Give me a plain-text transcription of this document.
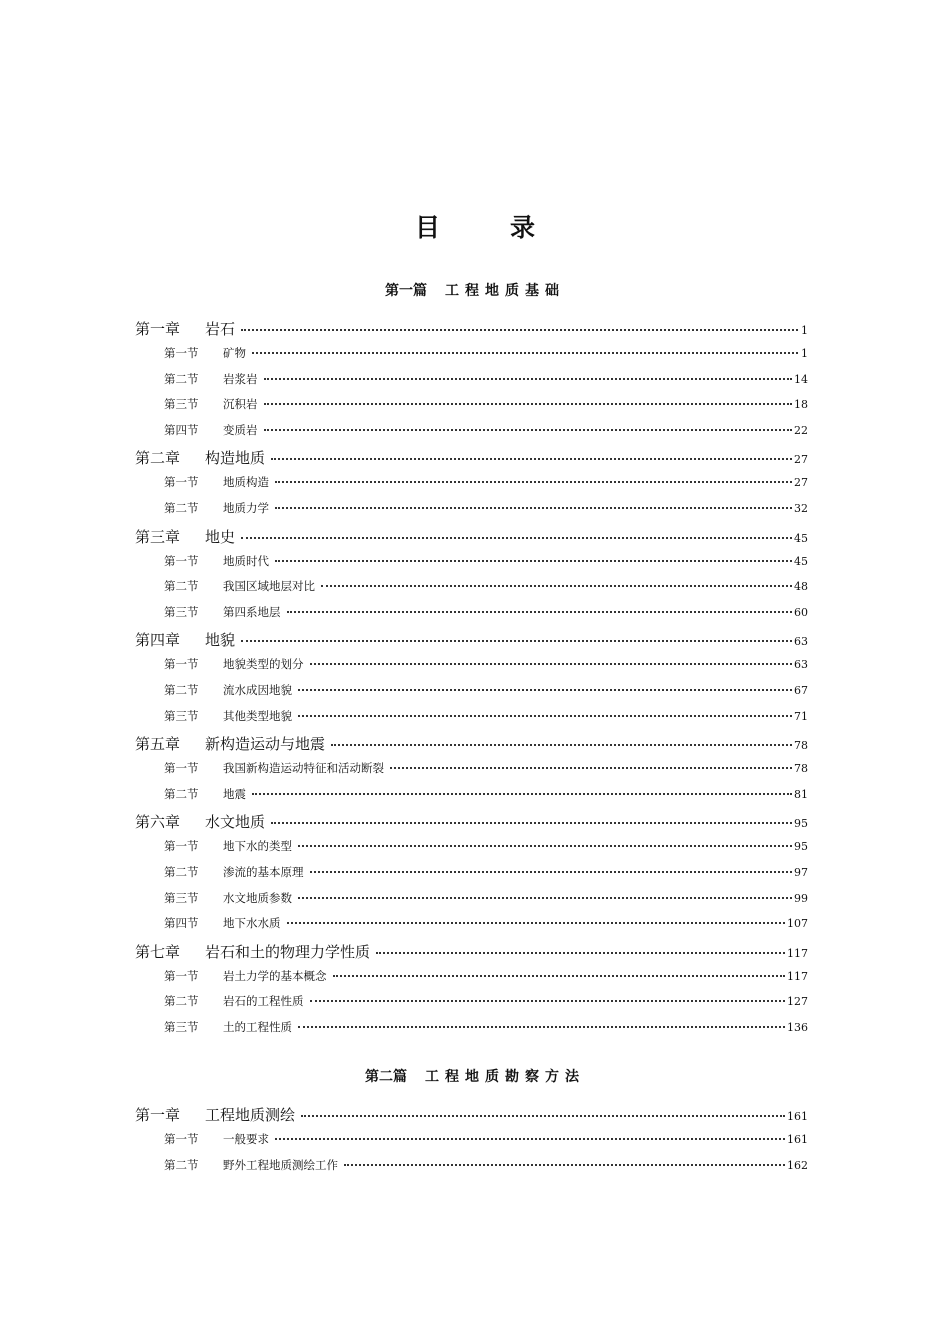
目	录
第一篇 工程地质基础
第一章	岩石	1
第一节	矿物	1
第二节	岩浆岩	14
第三节	沉积岩	18
第四节	变质岩	22
第二章	构造地质	27
第一节	地质构造	27
第二节	地质力学	32
第三章	地史	45
第一节	地质时代	45
第二节	我国区域地层对比	48
第三节	第四系地层	60
第四章	地貌	63
第一节	地貌类型的划分	63
第二节	流水成因地貌	67
第三节	其他类型地貌	71
第五章	新构造运动与地震	78
第一节	我国新构造运动特征和活动断裂	78
第二节	地震	81
第六章	水文地质	95
第一节	地下水的类型	95
第二节	渗流的基本原理	97
第三节	水文地质参数	99
第四节	地下水水质	107
第七章	岩石和土的物理力学性质	117
第一节	岩土力学的基本概念	117
第二节	岩石的工程性质	127
第三节	土的工程性质	136
第二篇 工程地质勘察方法
第一章	工程地质测绘	161
第一节	一般要求	161
第二节	野外工程地质测绘工作	162
